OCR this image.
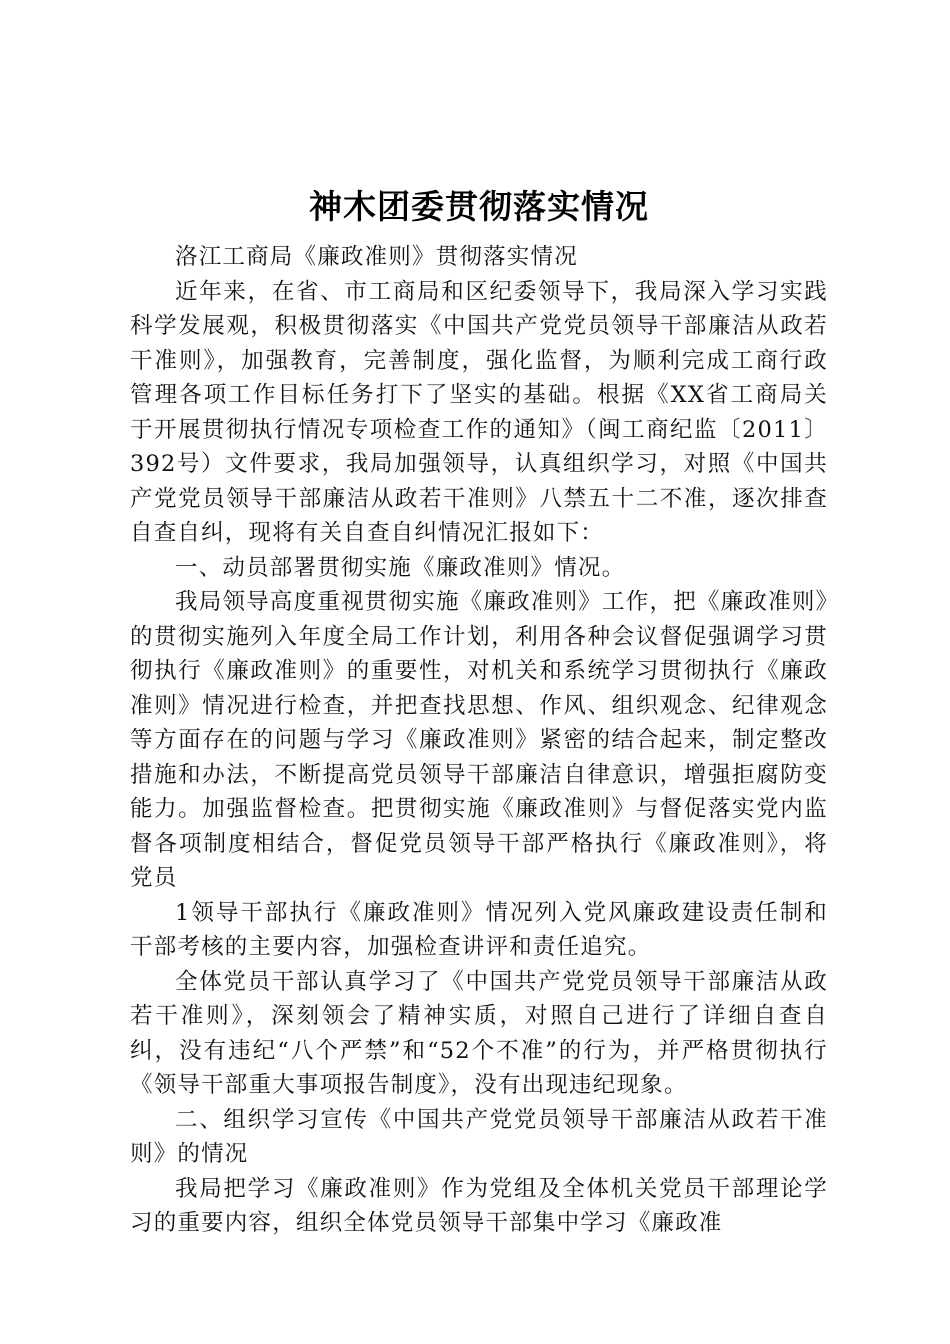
神木团委贯彻落实情况

洛江工商局《廉政准则》贯彻落实情况

近年来，在省、市工商局和区纪委领导下，我局深入学习实践科学发展观，积极贯彻落实《中国共产党党员领导干部廉洁从政若干准则》，加强教育，完善制度，强化监督，为顺利完成工商行政管理各项工作目标任务打下了坚实的基础。根据《XX省工商局关于开展贯彻执行情况专项检查工作的通知》（闽工商纪监〔2011〕392号）文件要求，我局加强领导，认真组织学习，对照《中国共产党党员领导干部廉洁从政若干准则》八禁五十二不准，逐次排查自查自纠，现将有关自查自纠情况汇报如下：

一、动员部署贯彻实施《廉政准则》情况。

我局领导高度重视贯彻实施《廉政准则》工作，把《廉政准则》的贯彻实施列入年度全局工作计划，利用各种会议督促强调学习贯彻执行《廉政准则》的重要性，对机关和系统学习贯彻执行《廉政准则》情况进行检查，并把查找思想、作风、组织观念、纪律观念等方面存在的问题与学习《廉政准则》紧密的结合起来，制定整改措施和办法，不断提高党员领导干部廉洁自律意识，增强拒腐防变能力。加强监督检查。把贯彻实施《廉政准则》与督促落实党内监督各项制度相结合，督促党员领导干部严格执行《廉政准则》，将党员

1领导干部执行《廉政准则》情况列入党风廉政建设责任制和干部考核的主要内容，加强检查讲评和责任追究。

全体党员干部认真学习了《中国共产党党员领导干部廉洁从政若干准则》，深刻领会了精神实质，对照自己进行了详细自查自纠，没有违纪“八个严禁”和“52个不准”的行为，并严格贯彻执行《领导干部重大事项报告制度》，没有出现违纪现象。

二、组织学习宣传《中国共产党党员领导干部廉洁从政若干准则》的情况

我局把学习《廉政准则》作为党组及全体机关党员干部理论学习的重要内容，组织全体党员领导干部集中学习《廉政准
